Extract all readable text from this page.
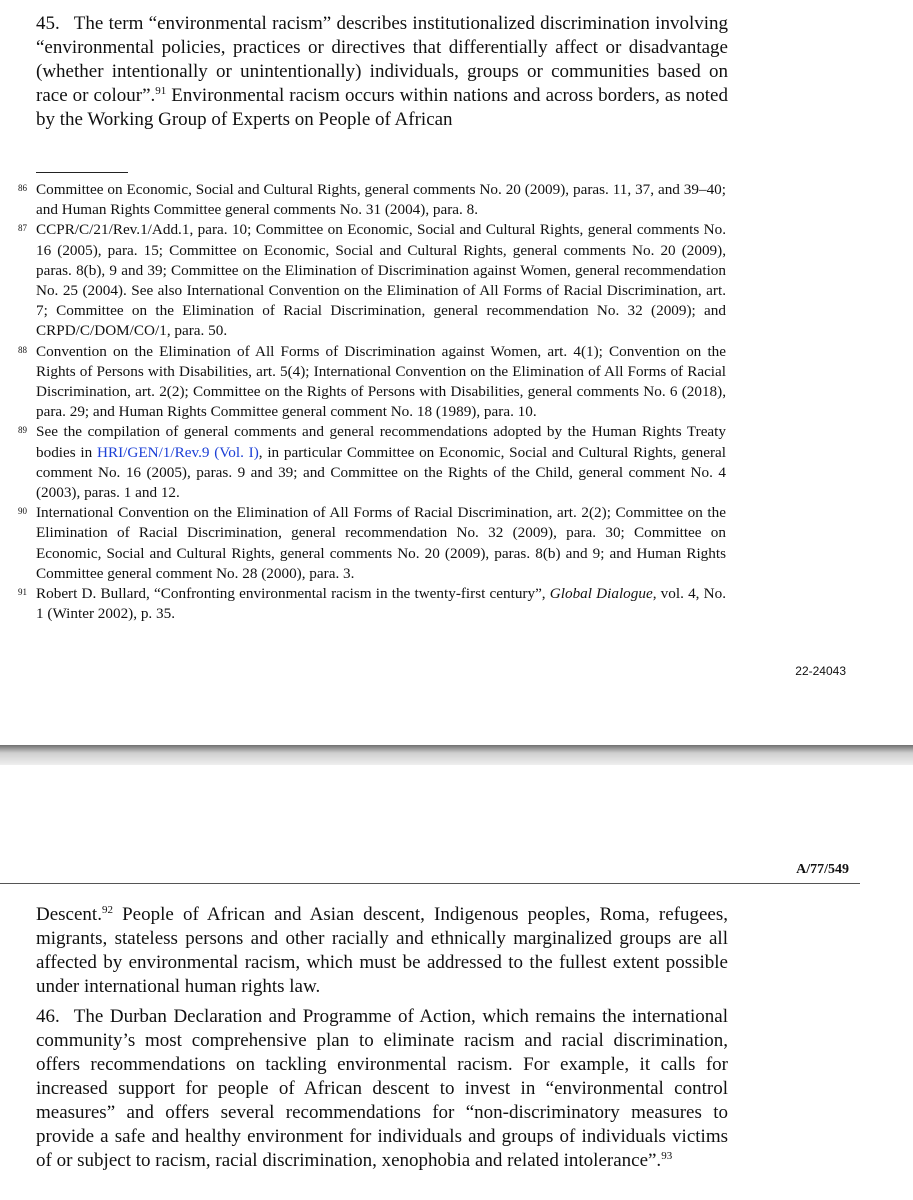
45. The term “environmental racism” describes institutionalized discrimination involving “environmental policies, practices or directives that differentially affect or disadvantage (whether intentionally or unintentionally) individuals, groups or communities based on race or colour”.$^{91}$ Environmental racism occurs within nations and across borders, as noted by the Working Group of Experts on People of African

86 Committee on Economic, Social and Cultural Rights, general comments No. 20 (2009), paras. 11, 37, and 39–40; and Human Rights Committee general comments No. 31 (2004), para. 8.

87 CCPR/C/21/Rev.1/Add.1, para. 10; Committee on Economic, Social and Cultural Rights, general comments No. 16 (2005), para. 15; Committee on Economic, Social and Cultural Rights, general comments No. 20 (2009), paras. 8(b), 9 and 39; Committee on the Elimination of Discrimination against Women, general recommendation No. 25 (2004). See also International Convention on the Elimination of All Forms of Racial Discrimination, art. 7; Committee on the Elimination of Racial Discrimination, general recommendation No. 32 (2009); and CRPD/C/DOM/CO/1, para. 50.

88 Convention on the Elimination of All Forms of Discrimination against Women, art. 4(1); Convention on the Rights of Persons with Disabilities, art. 5(4); International Convention on the Elimination of All Forms of Racial Discrimination, art. 2(2); Committee on the Rights of Persons with Disabilities, general comments No. 6 (2018), para. 29; and Human Rights Committee general comment No. 18 (1989), para. 10.

89 See the compilation of general comments and general recommendations adopted by the Human Rights Treaty bodies in HRI/GEN/1/Rev.9 (Vol. I), in particular Committee on Economic, Social and Cultural Rights, general comment No. 16 (2005), paras. 9 and 39; and Committee on the Rights of the Child, general comment No. 4 (2003), paras. 1 and 12.

90 International Convention on the Elimination of All Forms of Racial Discrimination, art. 2(2); Committee on the Elimination of Racial Discrimination, general recommendation No. 32 (2009), para. 30; Committee on Economic, Social and Cultural Rights, general comments No. 20 (2009), paras. 8(b) and 9; and Human Rights Committee general comment No. 28 (2000), para. 3.

91 Robert D. Bullard, “Confronting environmental racism in the twenty-first century”, Global Dialogue, vol. 4, No. 1 (Winter 2002), p. 35.

22-24043
A/77/549

Descent.$^{92}$ People of African and Asian descent, Indigenous peoples, Roma, refugees, migrants, stateless persons and other racially and ethnically marginalized groups are all affected by environmental racism, which must be addressed to the fullest extent possible under international human rights law.

46. The Durban Declaration and Programme of Action, which remains the international community’s most comprehensive plan to eliminate racism and racial discrimination, offers recommendations on tackling environmental racism. For example, it calls for increased support for people of African descent to invest in “environmental control measures” and offers several recommendations for “non-discriminatory measures to provide a safe and healthy environment for individuals and groups of individuals victims of or subject to racism, racial discrimination, xenophobia and related intolerance”.$^{93}$
